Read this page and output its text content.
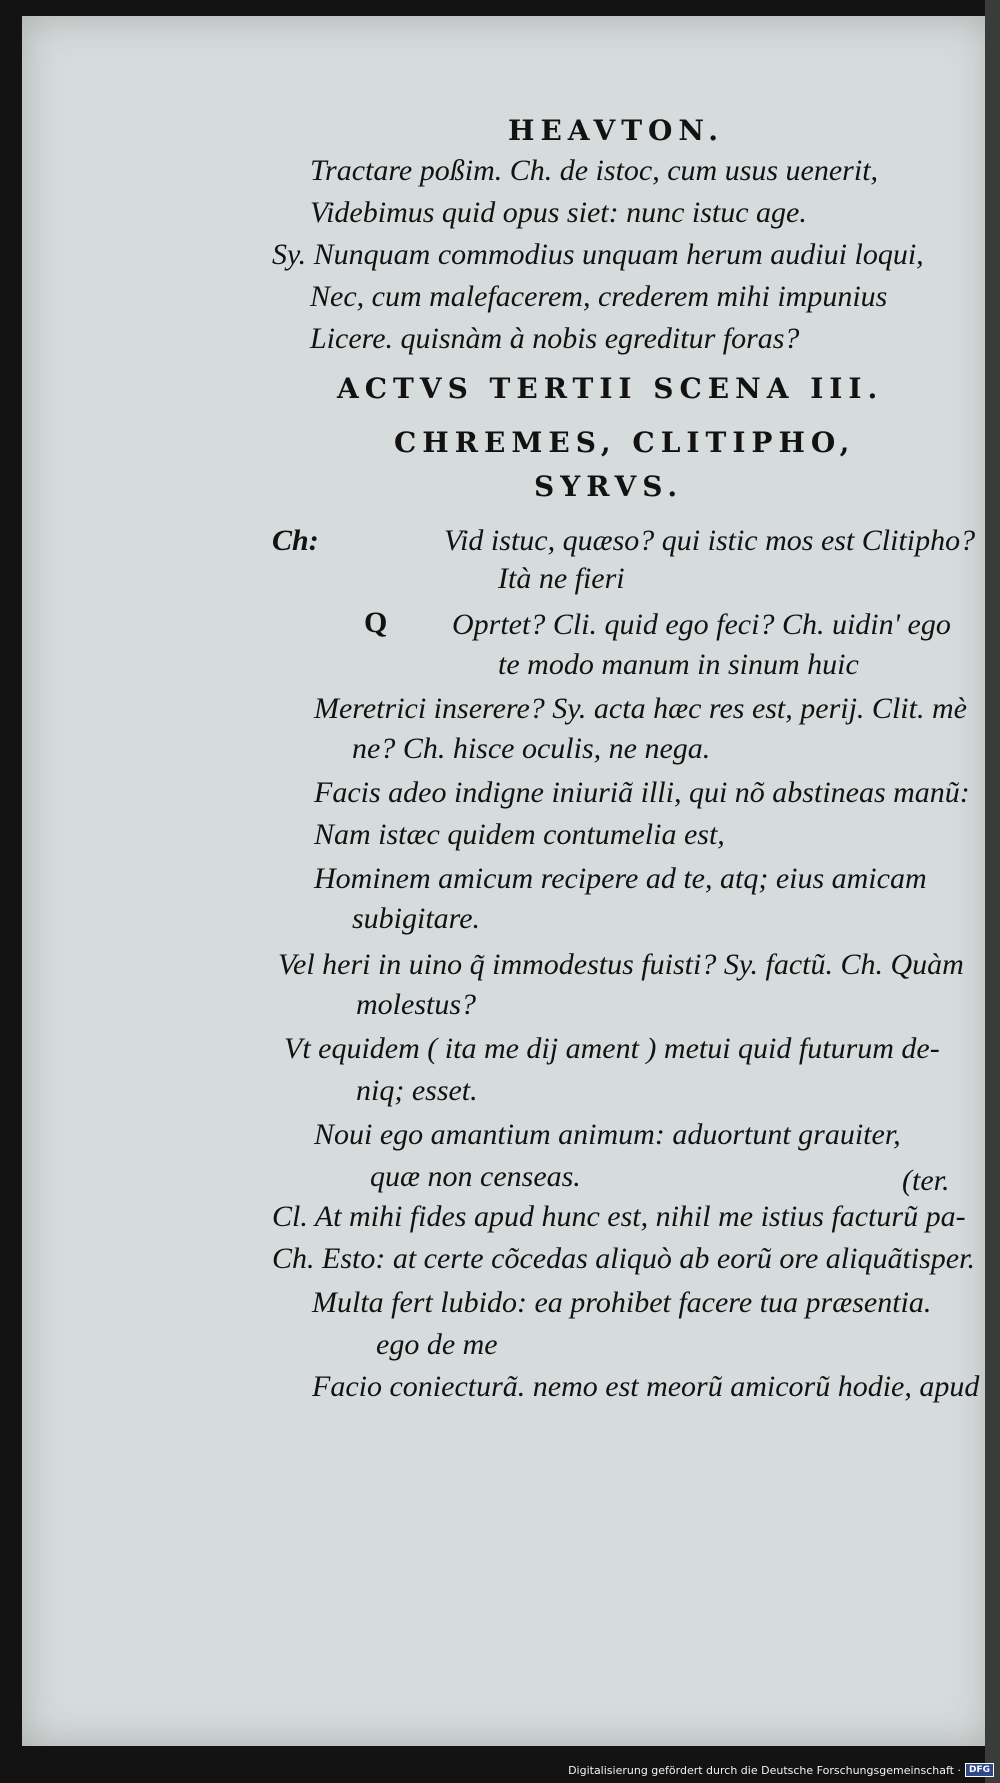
HEAVTON.
Tractare poßim. Ch. de istoc, cum usus uenerit,
Videbimus quid opus siet: nunc istuc age.
Sy. Nunquam commodius unquam herum audiui loqui,
Nec, cum malefacerem, crederem mihi impunius
Licere. quisnàm à nobis egreditur foras?
ACTVS TERTII SCENA III.
CHREMES, CLITIPHO,
SYRVS.
Ch:	Vid istuc, quæso? qui istic mos est Clitipho?
Ità ne fieri
Q Oprtet? Cli. quid ego feci? Ch. uidin' ego
te modo manum in sinum huic
Meretrici inserere? Sy. acta hæc res est, perij. Clit. mè
ne? Ch. hisce oculis, ne nega.
Facis adeo indigne iniuriã illi, qui nõ abstineas manũ:
Nam istæc quidem contumelia est,
Hominem amicum recipere ad te, atq; eius amicam
subigitare.
Vel heri in uino q̃ immodestus fuisti? Sy. factũ. Ch. Quàm
molestus?
Vt equidem ( ita me dij ament ) metui quid futurum de-
niq; esset.
Noui ego amantium animum: aduortunt grauiter,
quæ non censeas.	(ter.
Cl. At mihi fides apud hunc est, nihil me istius facturũ pa-
Ch. Esto: at certe cõcedas aliquò ab eorũ ore aliquãtisper.
Multa fert lubido: ea prohibet facere tua præsentia.
ego de me
Facio coniecturã. nemo est meorũ amicorũ hodie, apud
Digitalisierung gefördert durch die Deutsche Forschungsgemeinschaft · DFG
